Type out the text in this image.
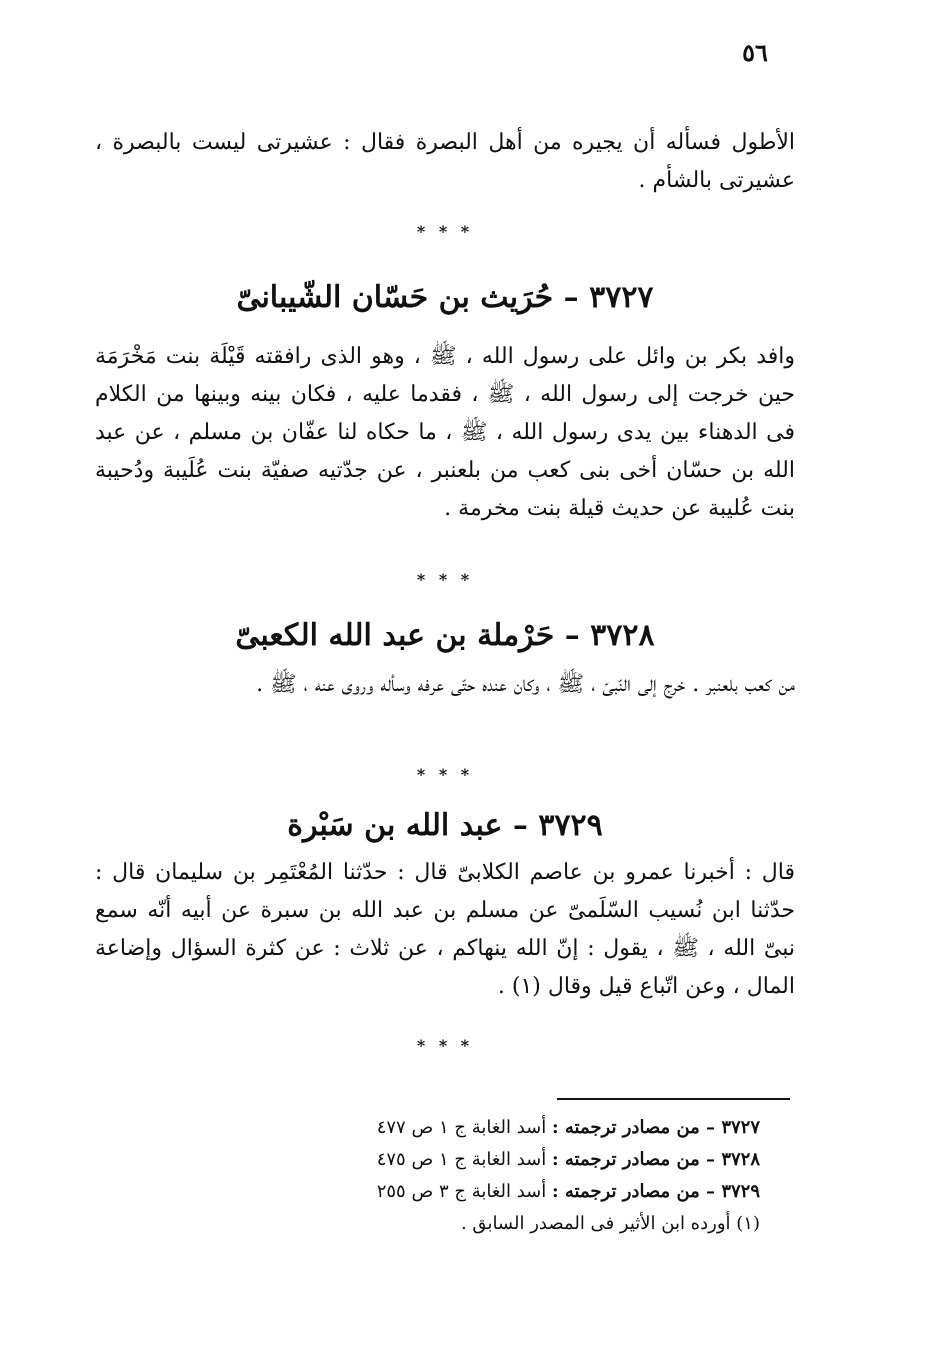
٥٦

الأطول فسأله أن يجيره من أهل البصرة فقال : عشيرتى ليست بالبصرة ، عشيرتى بالشأم .

* * *
٣٧٢٧ – حُرَيث بن حَسّان الشّيبانىّ

وافد بكر بن وائل على رسول الله ، ﷺ ، وهو الذى رافقته قَيْلَة بنت مَخْرَمَة حين خرجت إلى رسول الله ، ﷺ ، فقدما عليه ، فكان بينه وبينها من الكلام فى الدهناء بين يدى رسول الله ، ﷺ ، ما حكاه لنا عفّان بن مسلم ، عن عبد الله بن حسّان أخى بنى كعب من بلعنبر ، عن جدّتيه صفيّة بنت عُلَيبة ودُحيبة بنت عُليبة عن حديث قيلة بنت مخرمة .

* * *
٣٧٢٨ – حَرْملة بن عبد الله الكعبىّ

من كعب بلعنبر . خرج إلى النّبىّ ، ﷺ ، وكان عنده حتّى عرفه وسأله وروى عنه ، ﷺ .

* * *
٣٧٢٩ – عبد الله بن سَبْرة

قال : أخبرنا عمرو بن عاصم الكلابىّ قال : حدّثنا المُعْتَمِر بن سليمان قال : حدّثنا ابن نُسيب السّلَمىّ عن مسلم بن عبد الله بن سبرة عن أبيه أنّه سمع نبىّ الله ، ﷺ ، يقول : إنّ الله ينهاكم ، عن ثلاث : عن كثرة السؤال وإضاعة المال ، وعن اتّباع قيل وقال (١) .

* * *
٣٧٢٧ – من مصادر ترجمته : أسد الغابة ج ١ ص ٤٧٧
٣٧٢٨ – من مصادر ترجمته : أسد الغابة ج ١ ص ٤٧٥
٣٧٢٩ – من مصادر ترجمته : أسد الغابة ج ٣ ص ٢٥٥
(١) أورده ابن الأثير فى المصدر السابق .
